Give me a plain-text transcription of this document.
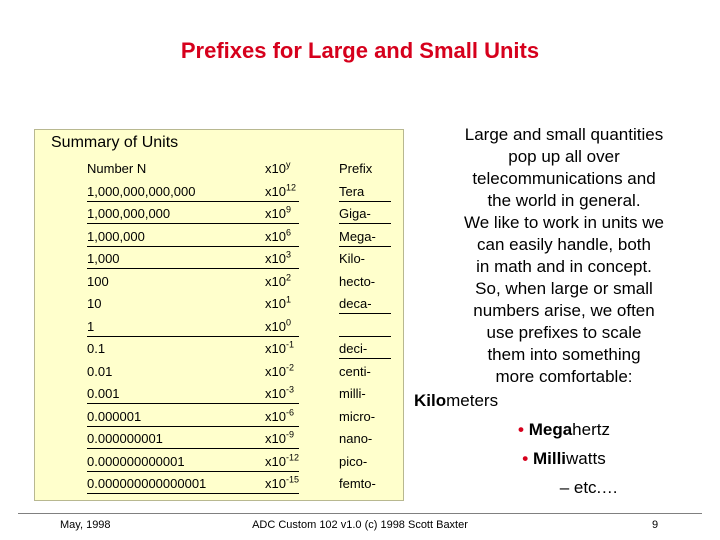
Prefixes for Large and Small Units
Summary of Units
Number N	x10$^y$	Prefix
1,000,000,000,000	$x10^{12}$	Tera
1,000,000,000	$x10^9$	Giga-
1,000,000	$x10^6$	Mega-
1,000	$x10^3$	Kilo-
100	$x10^2$	hecto-
10	$x10^1$	deca-
1	$x10^0$
0.1	$x10^{-1}$	deci-
0.01	$x10^{-2}$	centi-
0.001	$x10^{-3}$	milli-
0.000001	$x10^{-6}$	micro-
0.000000001	$x10^{-9}$	nano-
0.000000000001	$x10^{-12}$	pico-
0.000000000000001	$x10^{-15}$	femto-
Large and small quantities
pop up all over
telecommunications and
the world in general.
We like to work in units we
can easily handle, both
in math and in concept.
So, when large or small
numbers arise, we often
use prefixes to scale
them into something
more comfortable:
Kilometers
• Megahertz
• Milliwatts
– etc.…
May, 1998	ADC Custom 102 v1.0 (c) 1998 Scott Baxter	9
